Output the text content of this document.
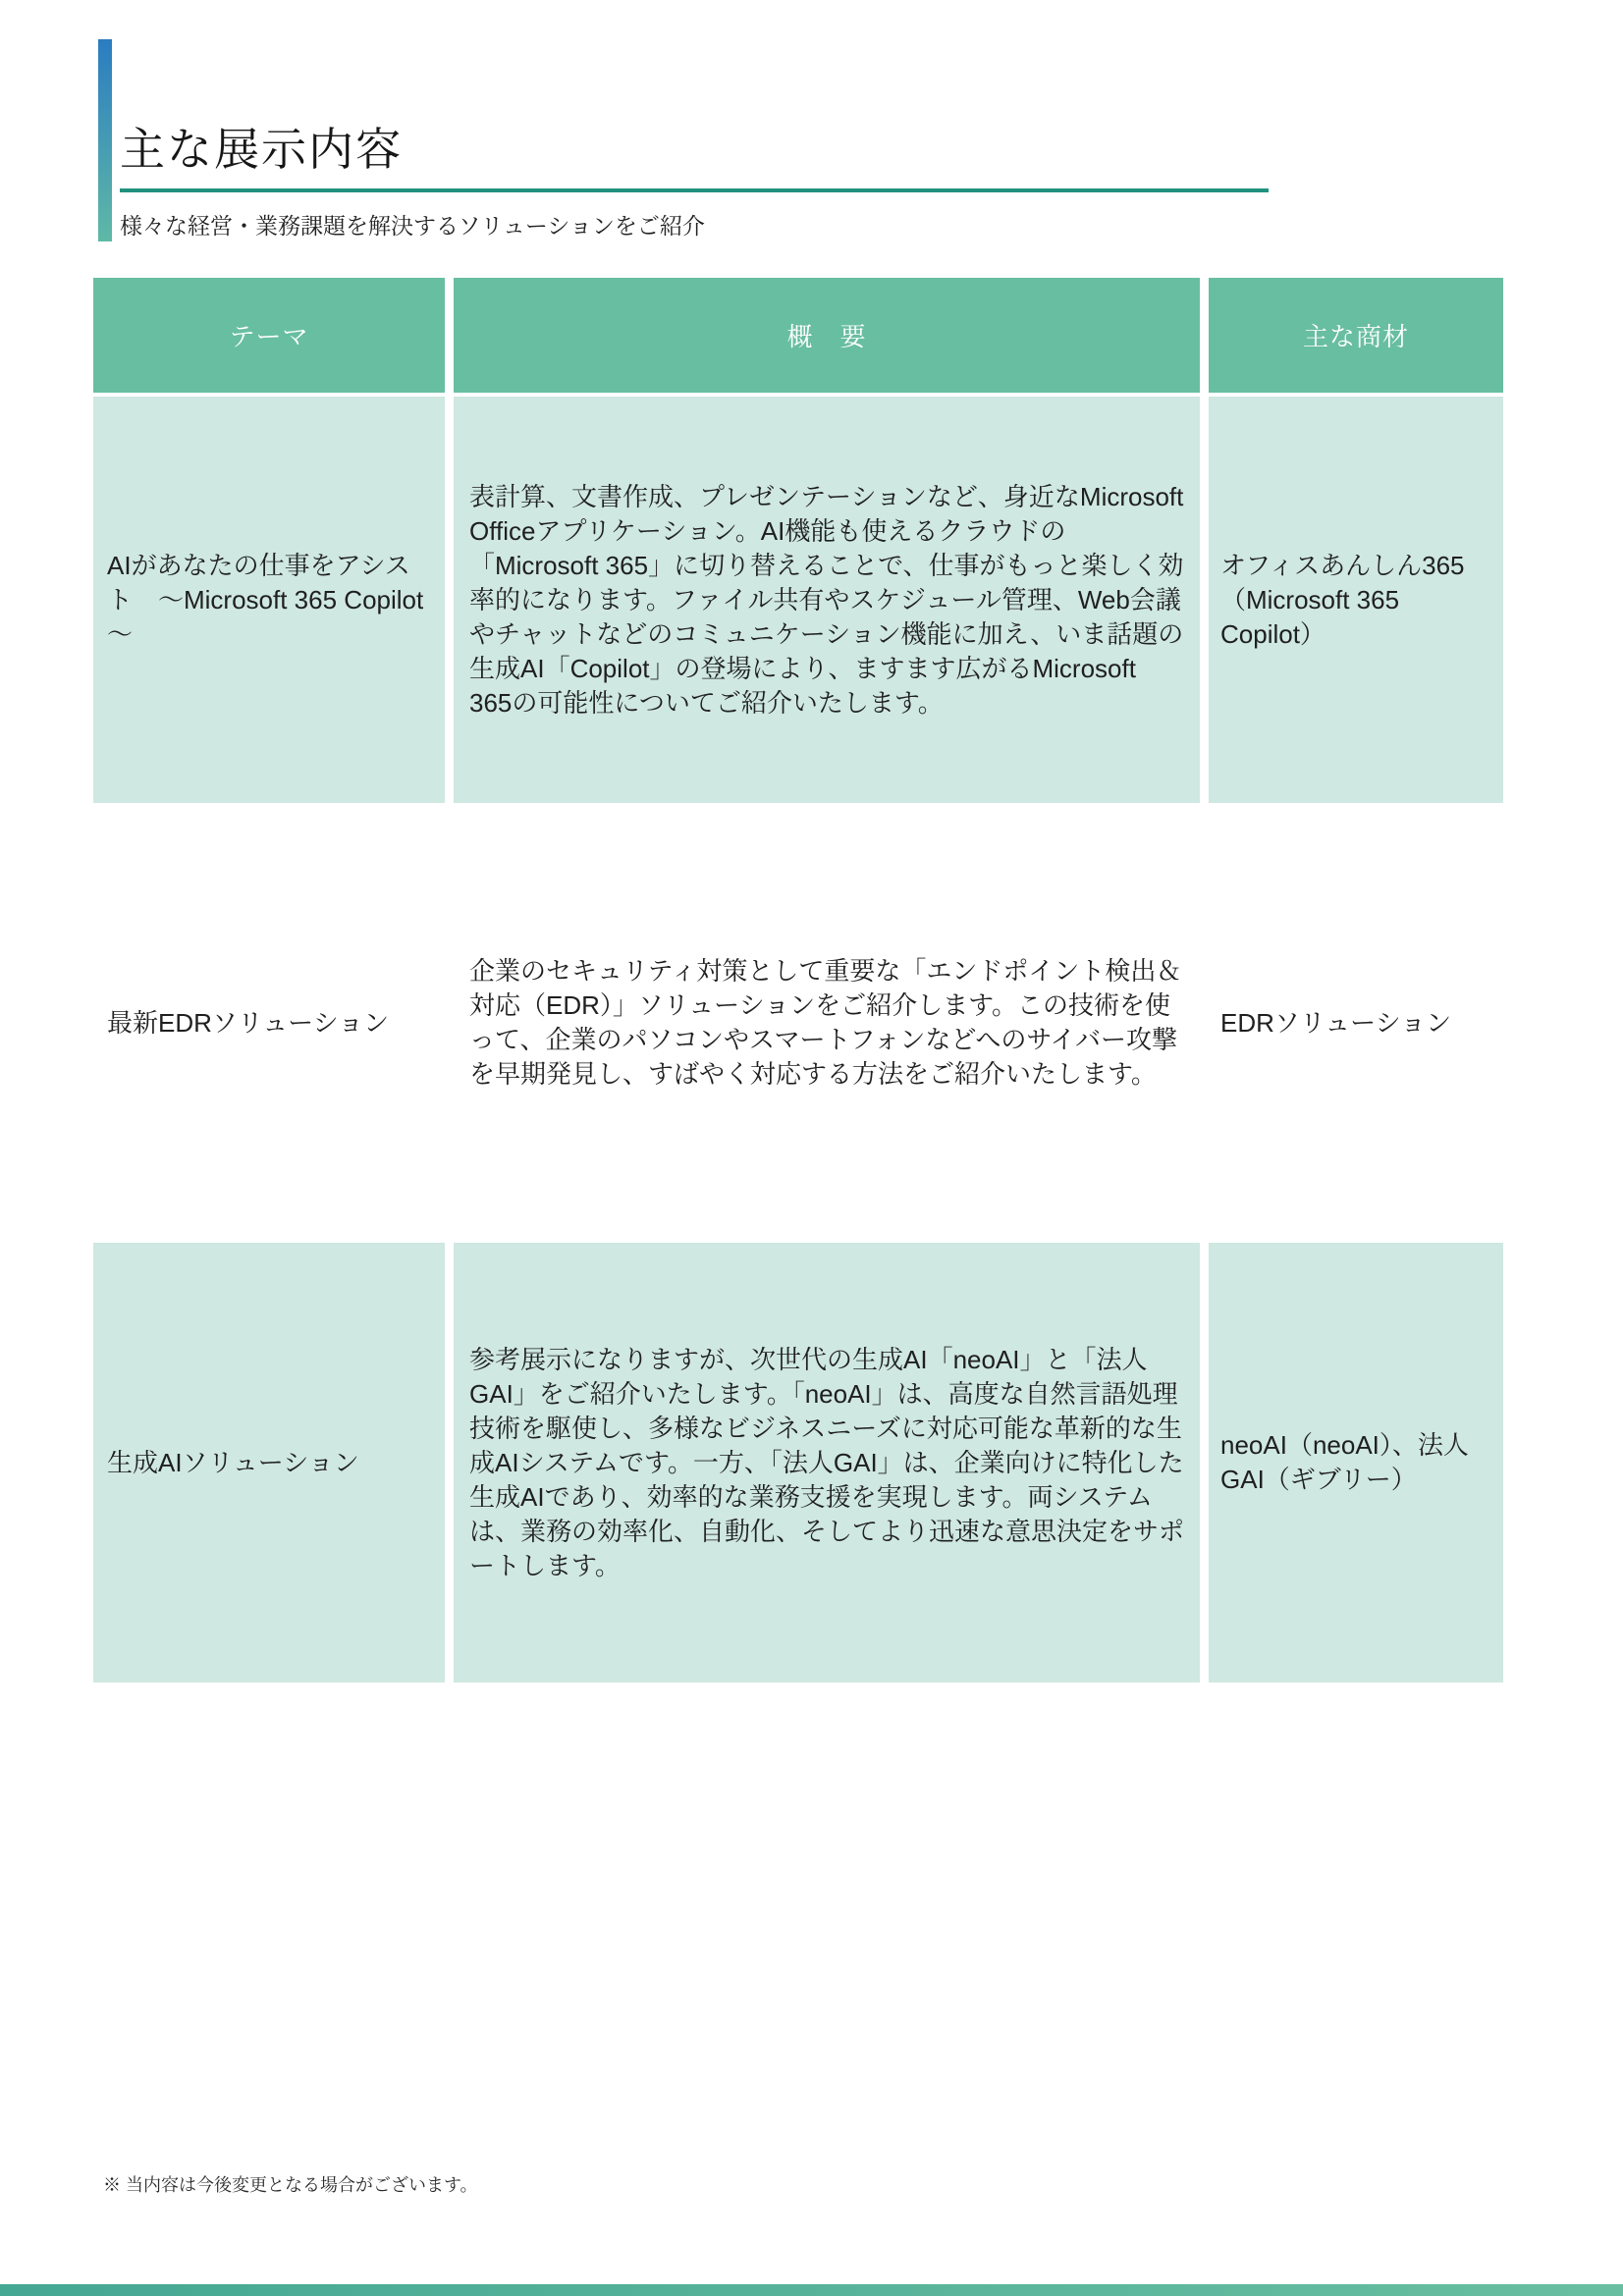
主な展示内容

様々な経営・業務課題を解決するソリューションをご紹介

テーマ	概　要	主な商材
AIがあなたの仕事をアシスト　～Microsoft 365 Copilot～
表計算、文書作成、プレゼンテーションなど、身近なMicrosoft Officeアプリケーション。AI機能も使えるクラウドの「Microsoft 365」に切り替えることで、仕事がもっと楽しく効率的になります。ファイル共有やスケジュール管理、Web会議やチャットなどのコミュニケーション機能に加え、いま話題の生成AI「Copilot」の登場により、ますます広がるMicrosoft 365の可能性についてご紹介いたします。
オフィスあんしん365（Microsoft 365 Copilot）
最新EDRソリューション
企業のセキュリティ対策として重要な「エンドポイント検出＆対応（EDR）」ソリューションをご紹介します。この技術を使って、企業のパソコンやスマートフォンなどへのサイバー攻撃を早期発見し、すばやく対応する方法をご紹介いたします。
EDRソリューション
生成AIソリューション
参考展示になりますが、次世代の生成AI「neoAI」と「法人GAI」をご紹介いたします。「neoAI」は、高度な自然言語処理技術を駆使し、多様なビジネスニーズに対応可能な革新的な生成AIシステムです。一方、「法人GAI」は、企業向けに特化した生成AIであり、効率的な業務支援を実現します。両システムは、業務の効率化、自動化、そしてより迅速な意思決定をサポートします。
neoAI（neoAI）、法人GAI（ギブリー）

※ 当内容は今後変更となる場合がございます。
